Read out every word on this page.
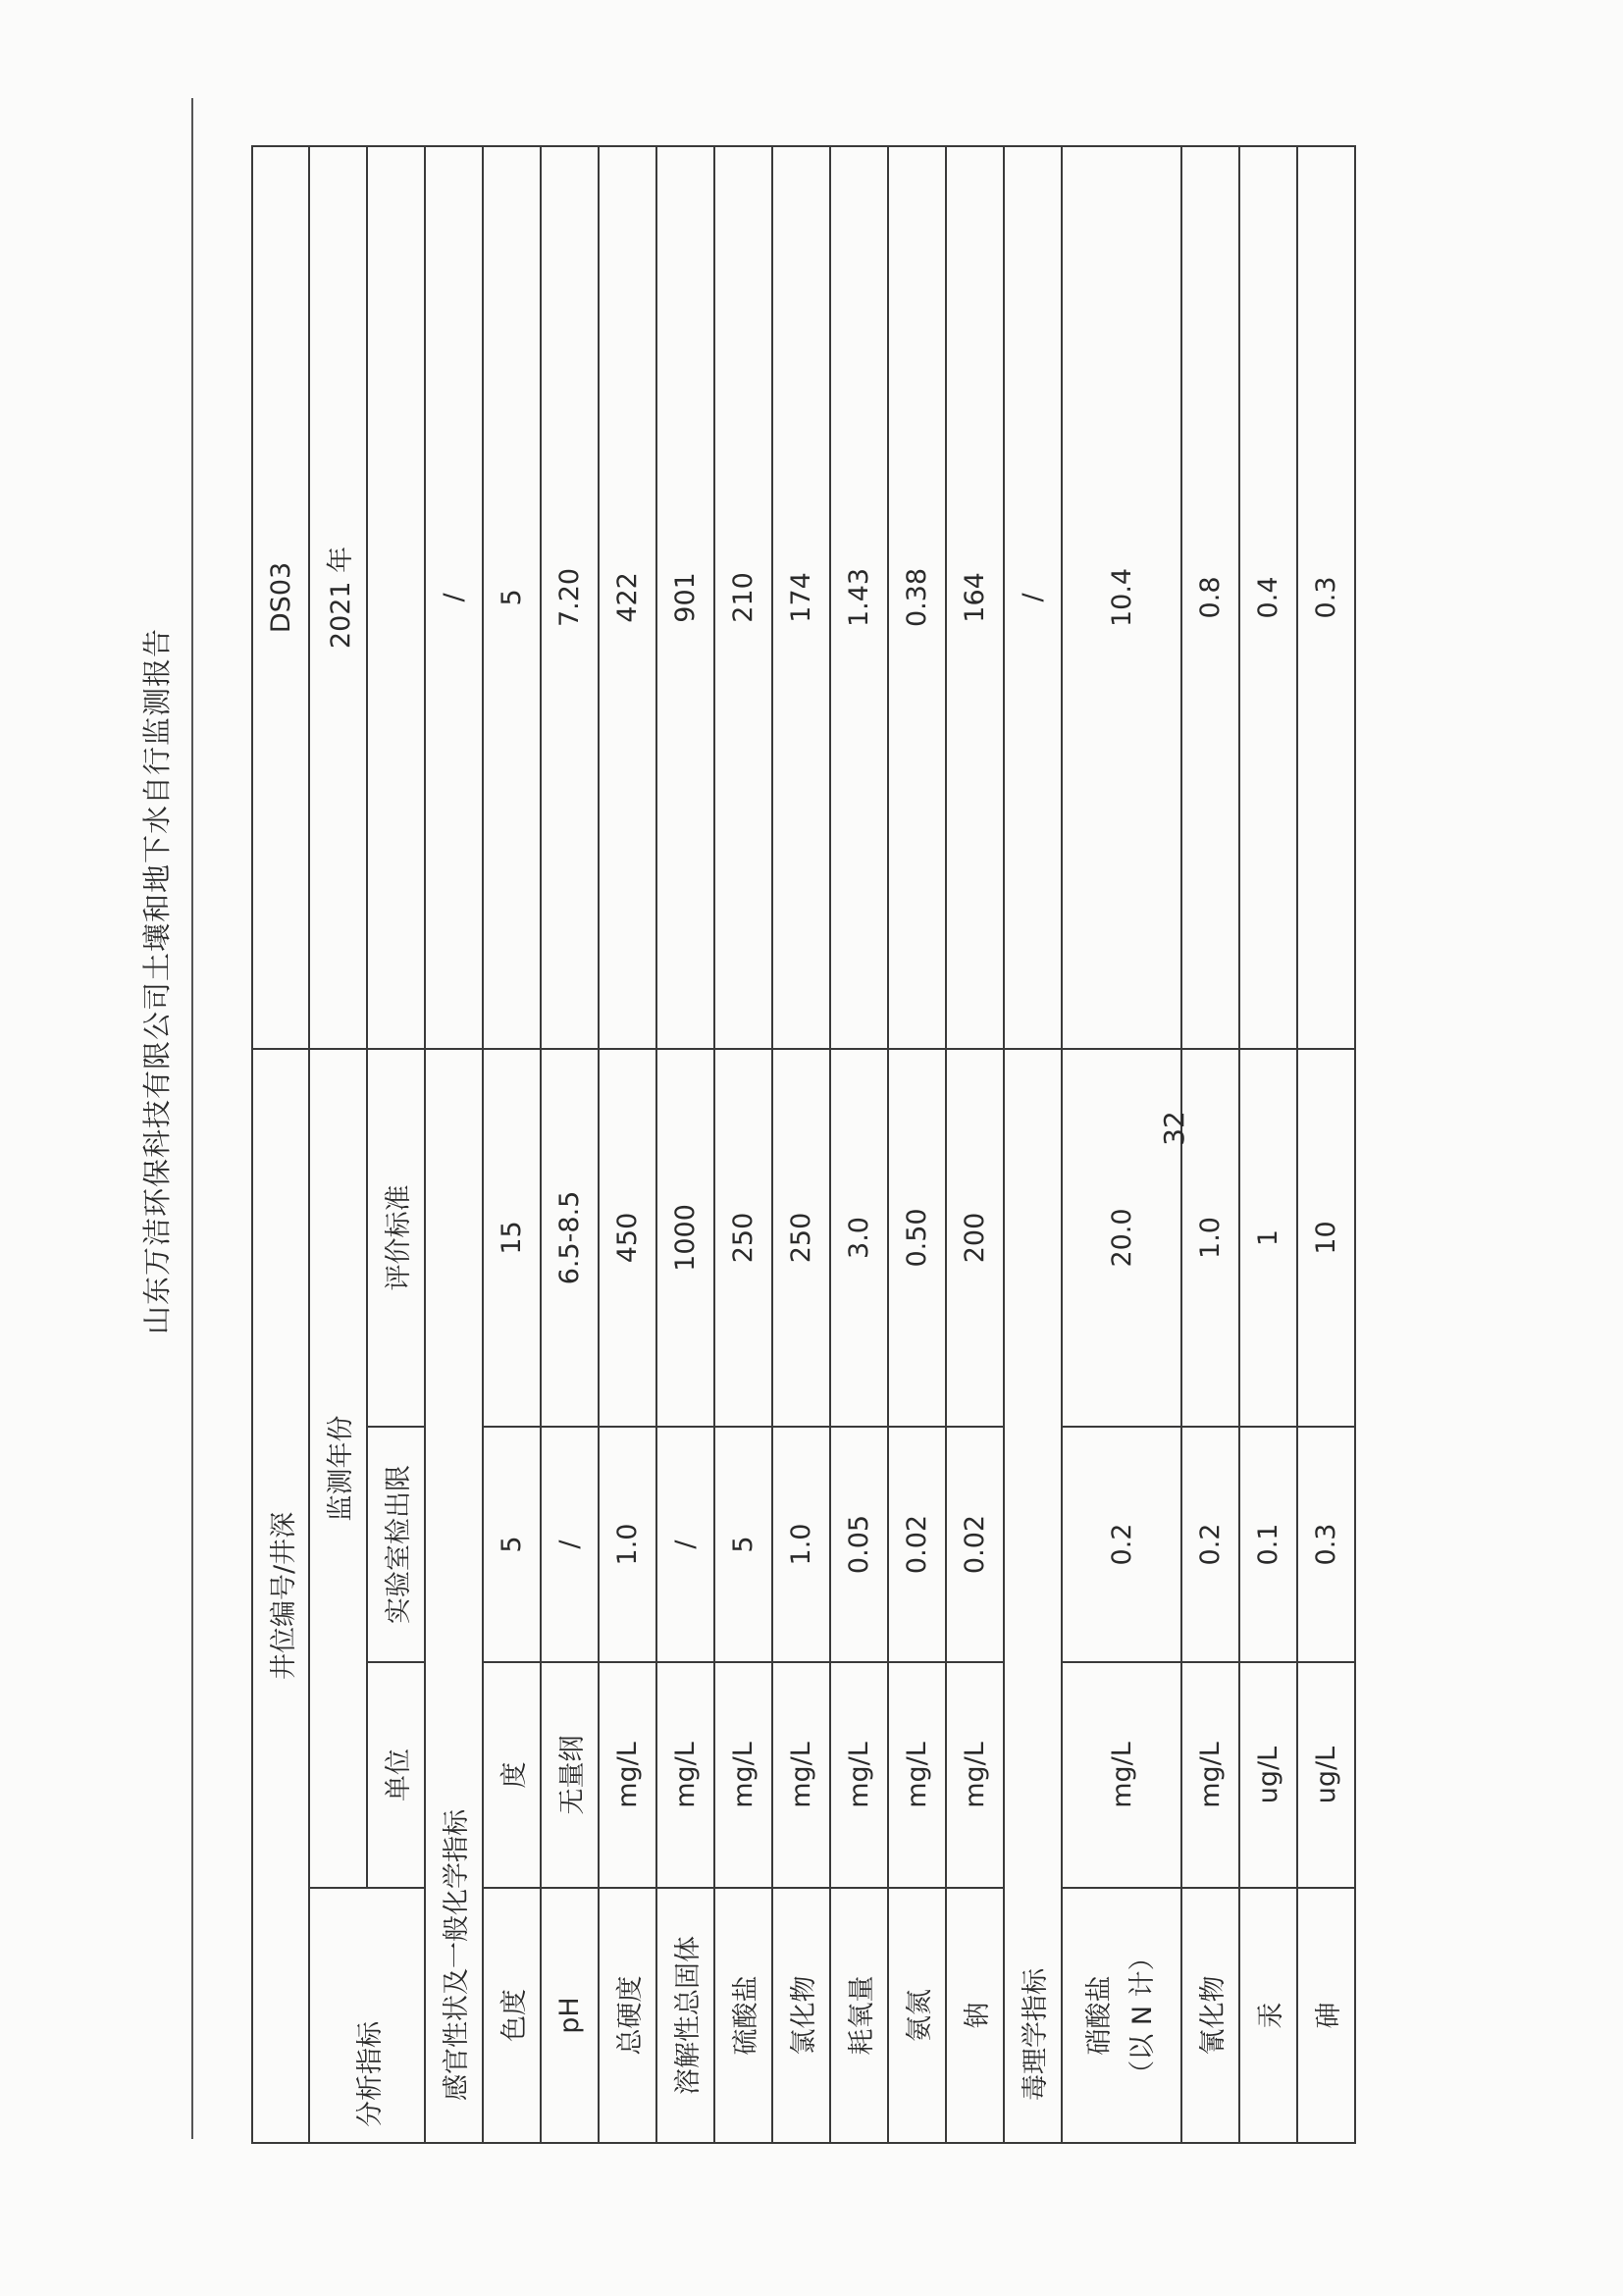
山东万洁环保科技有限公司土壤和地下水自行监测报告
井位编号/井深				DS03
分析指标	监测年份			2021 年
	单位	实验室检出限	评价标准	
感官性状及一般化学指标				/
色度	度	5	15	5
pH	无量纲	/	6.5-8.5	7.20
总硬度	mg/L	1.0	450	422
溶解性总固体	mg/L	/	1000	901
硫酸盐	mg/L	5	250	210
氯化物	mg/L	1.0	250	174
耗氧量	mg/L	0.05	3.0	1.43
氨氮	mg/L	0.02	0.50	0.38
钠	mg/L	0.02	200	164
毒理学指标				/

硝酸盐 （以 N 计）	mg/L	0.2	20.0	10.4
氰化物	mg/L	0.2	1.0	0.8
汞	ug/L	0.1	1	0.4
砷	ug/L	0.3	10	0.3
32
